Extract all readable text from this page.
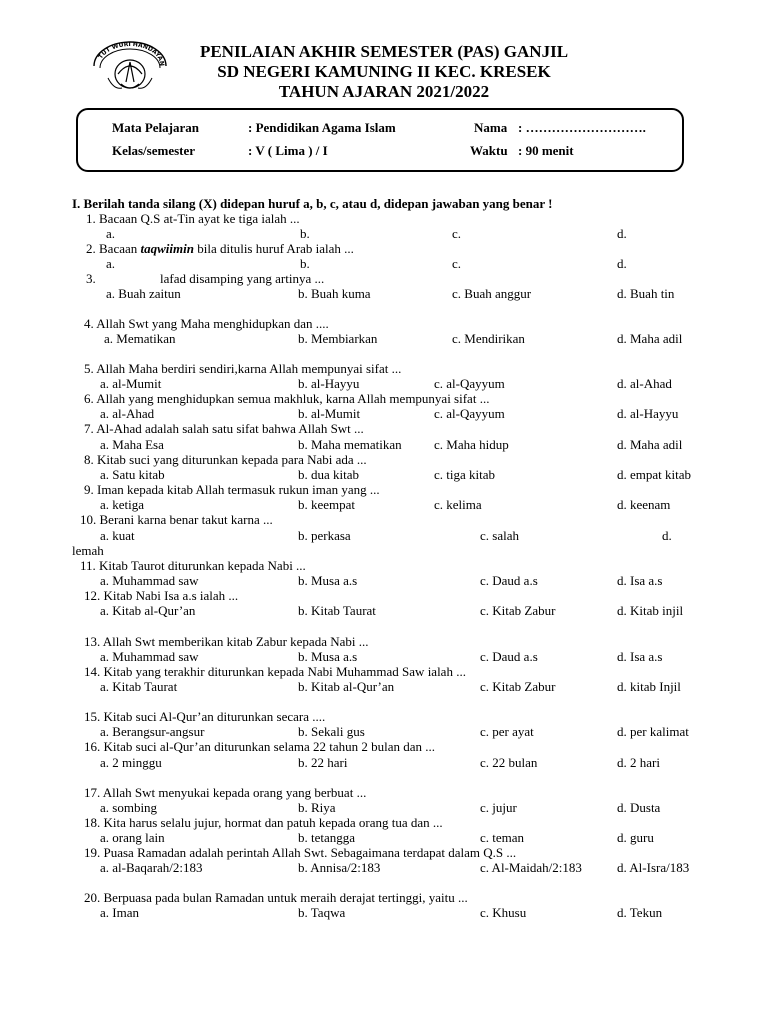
TUT WURI HANDAYAN
PENILAIAN AKHIR SEMESTER (PAS) GANJIL
SD NEGERI KAMUNING II KEC. KRESEK
TAHUN AJARAN 2021/2022
Mata Pelajaran	: Pendidikan Agama Islam	Nama : ……………………….
Kelas/semester	: V ( Lima ) / I	Waktu : 90 menit
I. Berilah tanda silang (X) didepan huruf a, b, c, atau d, didepan jawaban yang benar !
1. Bacaan Q.S at-Tin ayat ke tiga ialah ...
a.	b.	c.	d.
2. Bacaan taqwiimin bila ditulis huruf Arab ialah ...
a.	b.	c.	d.
3.	lafad disamping yang artinya ...
a. Buah zaitun	b. Buah kuma	c. Buah anggur	d. Buah tin
4. Allah Swt yang Maha menghidupkan dan ....
a. Mematikan	b. Membiarkan	c. Mendirikan	d. Maha adil
5. Allah Maha berdiri sendiri,karna Allah mempunyai sifat ...
a. al-Mumit	b. al-Hayyu	c. al-Qayyum	d. al-Ahad
6. Allah yang menghidupkan semua makhluk, karna Allah mempunyai sifat ...
a. al-Ahad	b. al-Mumit	c. al-Qayyum	d. al-Hayyu
7. Al-Ahad adalah salah satu sifat bahwa Allah Swt ...
a. Maha Esa	b. Maha mematikan c. Maha hidup	d. Maha adil
8. Kitab suci yang diturunkan kepada para Nabi ada ...
a. Satu kitab	b. dua kitab	c. tiga kitab	d. empat kitab
9. Iman kepada kitab Allah termasuk rukun iman yang ...
a. ketiga	b. keempat	c. kelima	d. keenam
10. Berani karna benar takut karna ...
a. kuat	b. perkasa	c. salah	d.
lemah
11. Kitab Taurot diturunkan kepada Nabi ...
a. Muhammad saw	b. Musa a.s	c. Daud a.s	d. Isa a.s
12. Kitab Nabi Isa a.s ialah ...
a. Kitab al-Qur’an	b. Kitab Taurat	c. Kitab Zabur	d. Kitab injil
13. Allah Swt memberikan kitab Zabur kepada Nabi ...
a. Muhammad saw	b. Musa a.s	c. Daud a.s	d. Isa a.s
14. Kitab yang terakhir diturunkan kepada Nabi Muhammad Saw ialah ...
a. Kitab Taurat	b. Kitab al-Qur’an	c. Kitab Zabur	d. kitab Injil
15. Kitab suci Al-Qur’an diturunkan secara ....
a. Berangsur-angsur	b. Sekali gus	c. per ayat	d. per kalimat
16. Kitab suci al-Qur’an diturunkan selama 22 tahun 2 bulan dan ...
a. 2 minggu	b. 22 hari	c. 22 bulan	d. 2 hari
17. Allah Swt menyukai kepada orang yang berbuat ...
a. sombing	b. Riya	c. jujur	d. Dusta
18. Kita harus selalu jujur, hormat dan patuh kepada orang tua dan ...
a. orang lain	b. tetangga	c. teman	d. guru
19. Puasa Ramadan adalah perintah Allah Swt. Sebagaimana terdapat dalam Q.S ...
a. al-Baqarah/2:183	b. Annisa/2:183	c. Al-Maidah/2:183	d. Al-Isra/183
20. Berpuasa pada bulan Ramadan untuk meraih derajat tertinggi, yaitu ...
a. Iman	b. Taqwa	c. Khusu	d. Tekun
